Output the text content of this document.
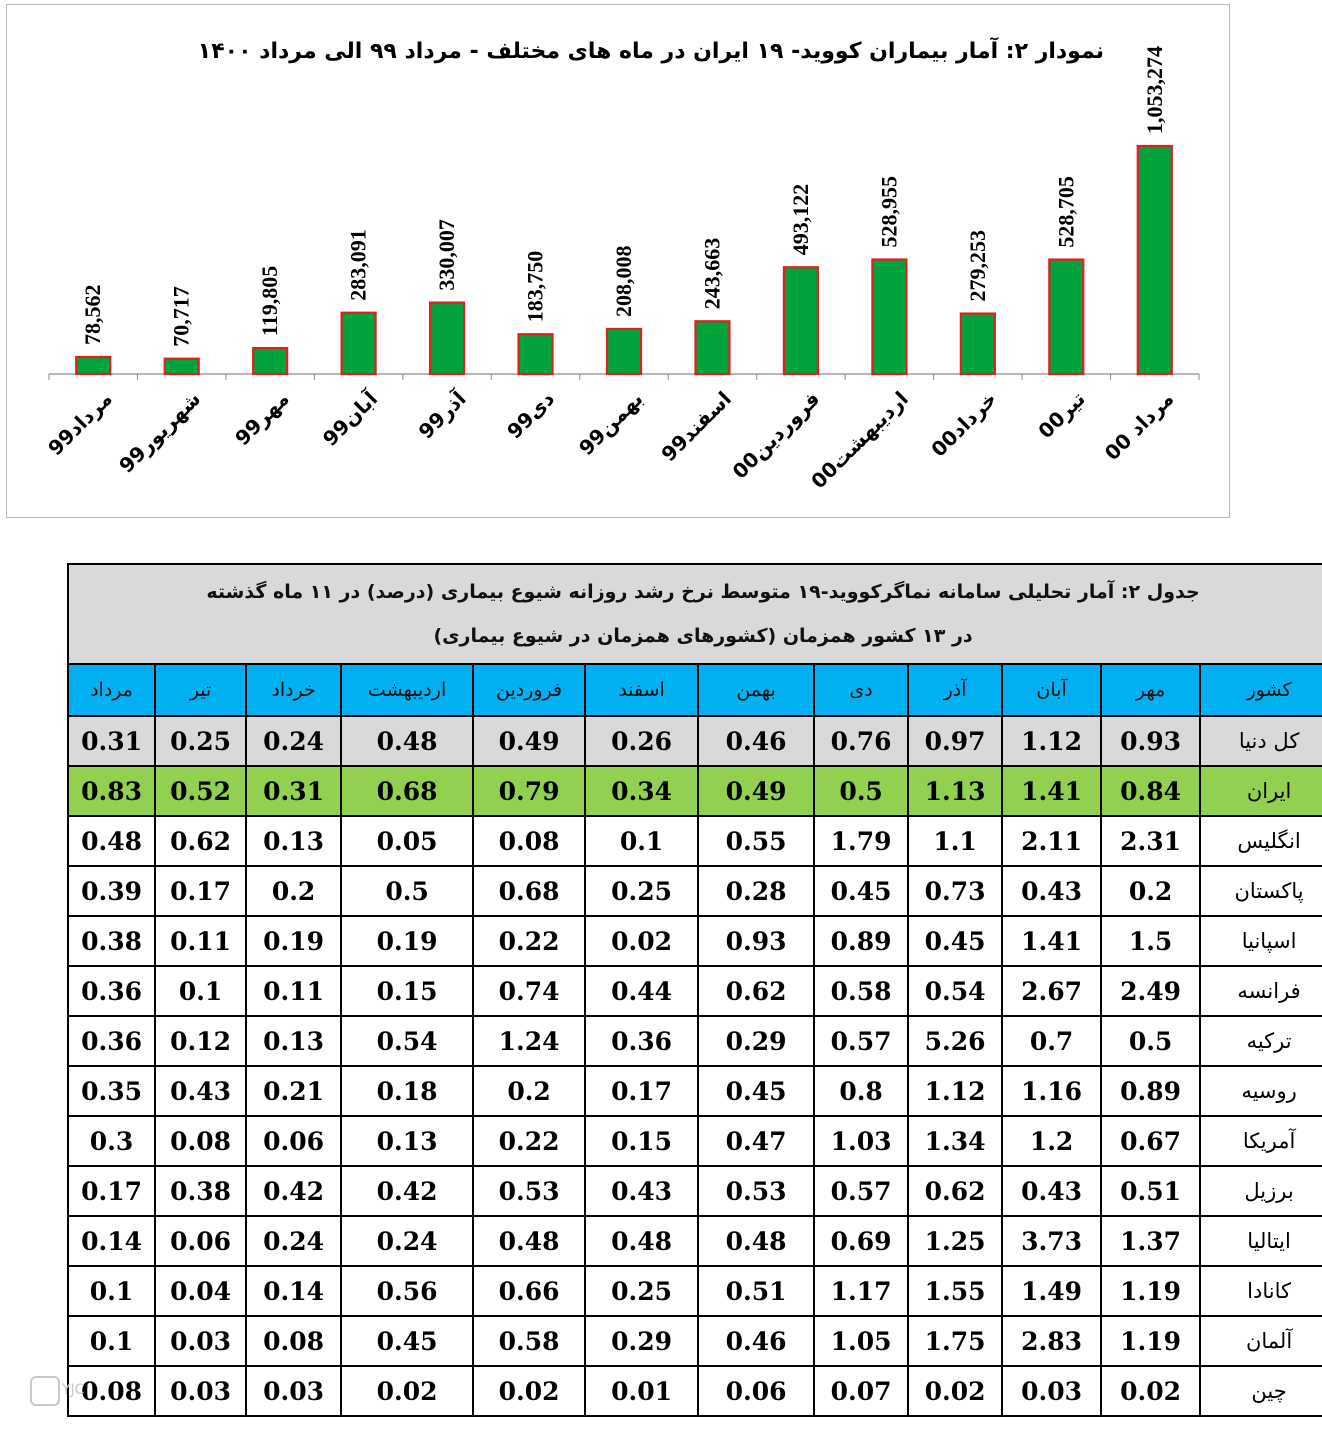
78,562
مرداد99
70,717
شهریور99
119,805
مهر99
283,091
آبان99
330,007
آذر99
183,750
دی99
208,008
بهمن99
243,663
اسفند99
493,122
فروردین00
528,955
اردیبهشت00
279,253
خرداد00
528,705
تیر00
1,053,274
مرداد 00
نمودار ۲: آمار بیماران کووید- ۱۹ ایران در ماه های مختلف - مرداد ۹۹ الی مرداد ۱۴۰۰
جدول ۲: آمار تحلیلی سامانه نماگرکووید-۱۹ متوسط نرخ رشد روزانه شیوع بیماری (درصد) در ۱۱ ماه گذشته
در ۱۳ کشور همزمان (کشورهای همزمان در شیوع بیماری)											

کشور	مهر	آبان	آذر	دی	بهمن	اسفند	فروردین	اردیبهشت	خرداد	تیر	مرداد
کل دنیا	0.93	1.12	0.97	0.76	0.46	0.26	0.49	0.48	0.24	0.25	0.31
ایران	0.84	1.41	1.13	0.5	0.49	0.34	0.79	0.68	0.31	0.52	0.83
انگلیس	2.31	2.11	1.1	1.79	0.55	0.1	0.08	0.05	0.13	0.62	0.48
پاکستان	0.2	0.43	0.73	0.45	0.28	0.25	0.68	0.5	0.2	0.17	0.39
اسپانیا	1.5	1.41	0.45	0.89	0.93	0.02	0.22	0.19	0.19	0.11	0.38
فرانسه	2.49	2.67	0.54	0.58	0.62	0.44	0.74	0.15	0.11	0.1	0.36
ترکیه	0.5	0.7	5.26	0.57	0.29	0.36	1.24	0.54	0.13	0.12	0.36
روسیه	0.89	1.16	1.12	0.8	0.45	0.17	0.2	0.18	0.21	0.43	0.35
آمریکا	0.67	1.2	1.34	1.03	0.47	0.15	0.22	0.13	0.06	0.08	0.3
برزیل	0.51	0.43	0.62	0.57	0.53	0.43	0.53	0.42	0.42	0.38	0.17
ایتالیا	1.37	3.73	1.25	0.69	0.48	0.48	0.48	0.24	0.24	0.06	0.14
کانادا	1.19	1.49	1.55	1.17	0.51	0.25	0.66	0.56	0.14	0.04	0.1
آلمان	1.19	2.83	1.75	1.05	0.46	0.29	0.58	0.45	0.08	0.03	0.1
چین	0.02	0.03	0.02	0.07	0.06	0.01	0.02	0.02	0.03	0.03	0.08
YJC
